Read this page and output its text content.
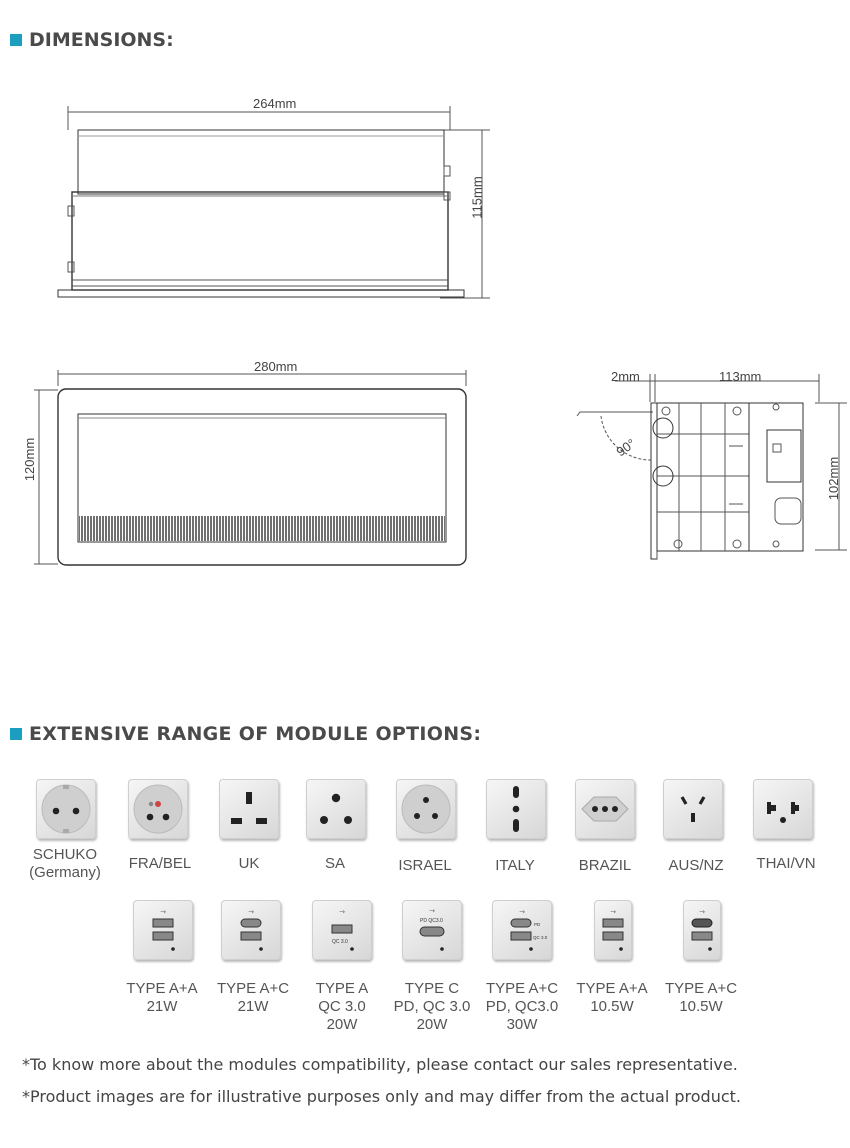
DIMENSIONS:
264mm
115mm
280mm
120mm
2mm	113mm
90°
102mm
EXTENSIVE RANGE OF MODULE OPTIONS:
SCHUKO
(Germany)
FRA/BEL	UK	SA	ISRAEL	ITALY	BRAZIL	AUS/NZ	THAI/VN
⇾	⇾	⇾
QC 3.0
⇾
PD QC3.0
⇾
PD
QC 3.0
⇾	⇾
TYPE A+A
21W
TYPE A+C
21W
TYPE A
QC 3.0
20W
TYPE C
PD, QC 3.0
20W
TYPE A+C
PD, QC3.0
30W
TYPE A+A
10.5W
TYPE A+C
10.5W
*To know more about the modules compatibility, please contact our sales representative.
*Product images are for illustrative purposes only and may differ from the actual product.
